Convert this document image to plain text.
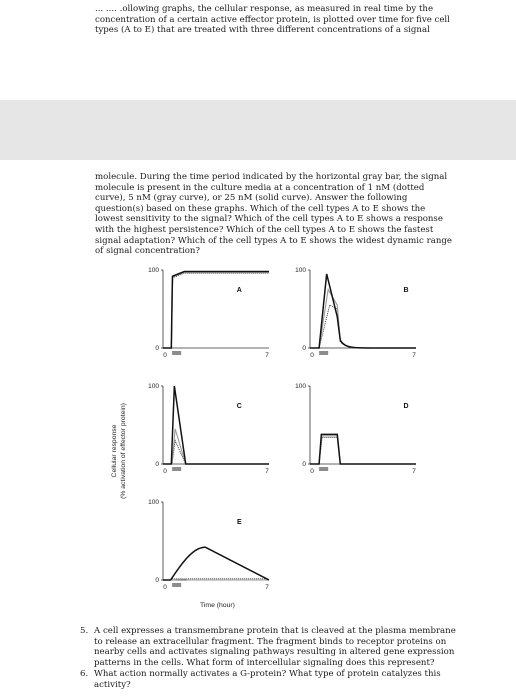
... .... .ollowing graphs, the cellular response, as measured in real time by the concentration of a certain active effector protein, is plotted over time for five cell types (A to E) that are treated with three different concentrations of a signal

molecule. During the time period indicated by the horizontal gray bar, the signal molecule is present in the culture media at a concentration of 1 nM (dotted curve), 5 nM (gray curve), or 25 nM (solid curve). Answer the following question(s) based on these graphs. Which of the cell types A to E shows the lowest sensitivity to the signal? Which of the cell types A to E shows a response with the highest persistence? Which of the cell types A to E shows the fastest signal adaptation? Which of the cell types A to E shows the widest dynamic range of signal concentration?

100
0
0	7
A
100
0
0	7
B
100
0
0	7
C
100
0
0	7
D
100
0
0	7
E
Cellular response (% activation of effector protein)
Time (hour)
5. A cell expresses a transmembrane protein that is cleaved at the plasma membrane to release an extracellular fragment. The fragment binds to receptor proteins on nearby cells and activates signaling pathways resulting in altered gene expression patterns in the cells. What form of intercellular signaling does this represent?
6. What action normally activates a G-protein? What type of protein catalyzes this activity?
